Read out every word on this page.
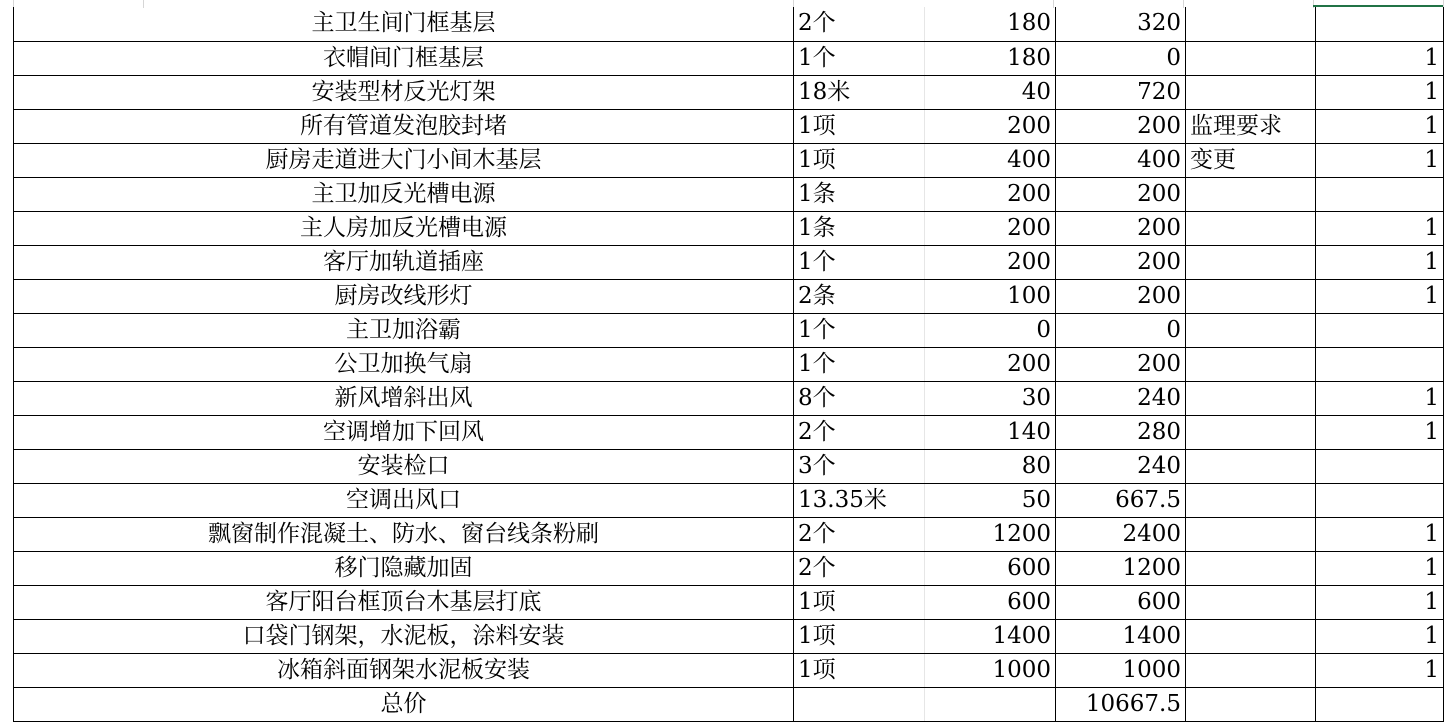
主卫生间门框基层	2个	180	320		
衣帽间门框基层	1个	180	0		1
安装型材反光灯架	18米	40	720		1
所有管道发泡胶封堵	1项	200	200	监理要求	1
厨房走道进大门小间木基层	1项	400	400	变更	1
主卫加反光槽电源	1条	200	200		
主人房加反光槽电源	1条	200	200		1
客厅加轨道插座	1个	200	200		1
厨房改线形灯	2条	100	200		1
主卫加浴霸	1个	0	0		
公卫加换气扇	1个	200	200		
新风增斜出风	8个	30	240		1
空调增加下回风	2个	140	280		1
安装检口	3个	80	240		
空调出风口	13.35米	50	667.5		
飘窗制作混凝土、防水、窗台线条粉刷	2个	1200	2400		1
移门隐藏加固	2个	600	1200		1
客厅阳台框顶台木基层打底	1项	600	600		1
口袋门钢架，水泥板，涂料安装	1项	1400	1400		1
冰箱斜面钢架水泥板安装	1项	1000	1000		1
总价			10667.5		
